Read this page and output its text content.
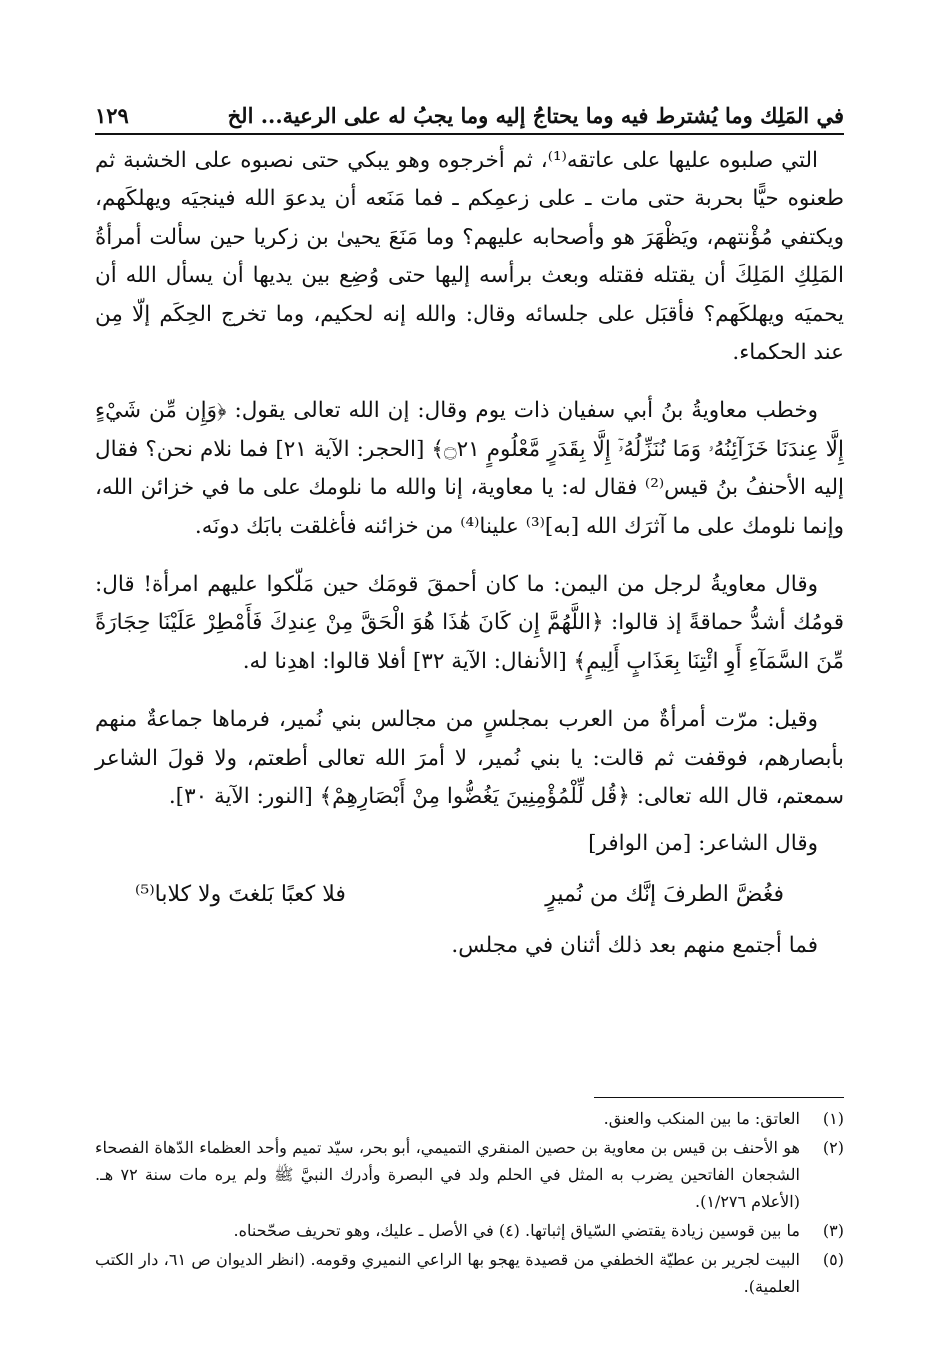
في المَلِك وما يُشترط فيه وما يحتاجُ إليه وما يجبُ له على الرعية... الخ
١٢٩

التي صلبوه عليها على عاتقه⁽¹⁾، ثم أخرجوه وهو يبكي حتى نصبوه على الخشبة ثم طعنوه حيًّا بحربة حتى مات ـ على زعمِكم ـ فما مَنَعه أن يدعوَ الله فينجيَه ويهلكَهم، ويكتفي مُؤْنتهم، ويَظْهَرَ هو وأصحابه عليهم؟ وما مَنَعَ يحيىٰ بن زكريا حين سألت أمرأةُ المَلِكِ المَلِكَ أن يقتله فقتله وبعث برأسه إليها حتى وُضِع بين يديها أن يسأل الله أن يحميَه ويهلكَهم؟ فأقبَل على جلسائه وقال: والله إنه لحكيم، وما تخرج الحِكَم إلّا مِن عند الحكماء.

وخطب معاويةُ بنُ أبي سفيان ذات يوم وقال: إن الله تعالى يقول: ﴿وَإِن مِّن شَيْءٍ إِلَّا عِندَنَا خَزَآئِنُهُۥ وَمَا نُنَزِّلُهُۥٓ إِلَّا بِقَدَرٍ مَّعْلُومٍ ۝٢١﴾ [الحجر: الآية ٢١] فما نلام نحن؟ فقال إليه الأحنفُ بنُ قيس⁽²⁾ فقال له: يا معاوية، إنا والله ما نلومك على ما في خزائن الله، وإنما نلومك على ما آثرَك الله [به]⁽³⁾ علينا⁽⁴⁾ من خزائنه فأغلقت بابَك دونَه.

وقال معاويةُ لرجل من اليمن: ما كان أحمقَ قومَك حين مَلّكوا عليهم امرأة! قال: قومُك أشدُّ حماقةً إذ قالوا: ﴿اللَّهُمَّ إِن كَانَ هَٰذَا هُوَ الْحَقَّ مِنْ عِندِكَ فَأَمْطِرْ عَلَيْنَا حِجَارَةً مِّنَ السَّمَآءِ أَوِ ائْتِنَا بِعَذَابٍ أَلِيمٍ﴾ [الأنفال: الآية ٣٢] أفلا قالوا: اهدِنا له.

وقيل: مرّت أمرأةٌ من العرب بمجلسٍ من مجالس بني نُمير، فرماها جماعةٌ منهم بأبصارهم، فوقفت ثم قالت: يا بني نُمير، لا أمرَ الله تعالى أطعتم، ولا قولَ الشاعر سمعتم، قال الله تعالى: ﴿قُل لِّلْمُؤْمِنِينَ يَغُضُّوا مِنْ أَبْصَارِهِمْ﴾ [النور: الآية ٣٠].

وقال الشاعر: [من الوافر]

فغُضَّ الطرفَ إنَّك من نُميرٍ
فلا كعبًا بَلغتَ ولا كلابا⁽⁵⁾

فما أجتمع منهم بعد ذلك أثنان في مجلس.

(١)
العاتق: ما بين المنكب والعنق.
(٢)
هو الأحنف بن قيس بن معاوية بن حصين المنقري التميمي، أبو بحر، سيّد تميم وأحد العظماء الدّهاة الفصحاء الشجعان الفاتحين يضرب به المثل في الحلم ولد في البصرة وأدرك النبيَّ ﷺ ولم يره مات سنة ٧٢ هـ. (الأعلام ١/٢٧٦).
(٣)
ما بين قوسين زيادة يقتضي السّياق إثباتها. (٤) في الأصل ـ عليك، وهو تحريف صحّحناه.
(٥)
البيت لجرير بن عطيّة الخطفي من قصيدة يهجو بها الراعي النميري وقومه. (انظر الديوان ص ٦١، دار الكتب العلمية).
